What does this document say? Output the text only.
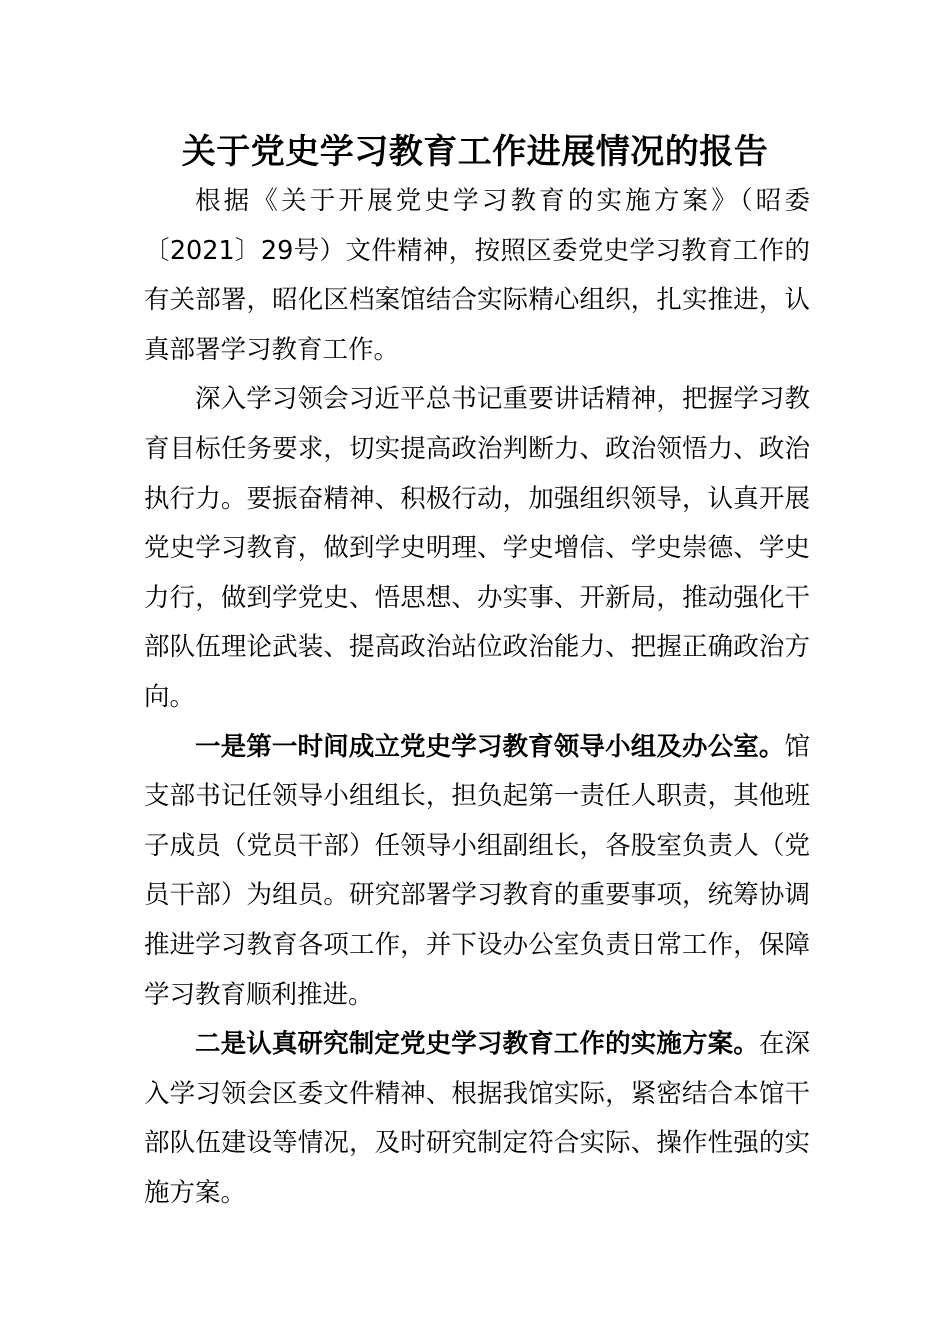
关于党史学习教育工作进展情况的报告

根据《关于开展党史学习教育的实施方案》（昭委〔2021〕29号）文件精神，按照区委党史学习教育工作的有关部署，昭化区档案馆结合实际精心组织，扎实推进，认真部署学习教育工作。

深入学习领会习近平总书记重要讲话精神，把握学习教育目标任务要求，切实提高政治判断力、政治领悟力、政治执行力。要振奋精神、积极行动，加强组织领导，认真开展党史学习教育，做到学史明理、学史增信、学史崇德、学史力行，做到学党史、悟思想、办实事、开新局，推动强化干部队伍理论武装、提高政治站位政治能力、把握正确政治方向。

一是第一时间成立党史学习教育领导小组及办公室。馆支部书记任领导小组组长，担负起第一责任人职责，其他班子成员（党员干部）任领导小组副组长，各股室负责人（党员干部）为组员。研究部署学习教育的重要事项，统筹协调推进学习教育各项工作，并下设办公室负责日常工作，保障学习教育顺利推进。

二是认真研究制定党史学习教育工作的实施方案。在深入学习领会区委文件精神、根据我馆实际，紧密结合本馆干部队伍建设等情况，及时研究制定符合实际、操作性强的实施方案。
